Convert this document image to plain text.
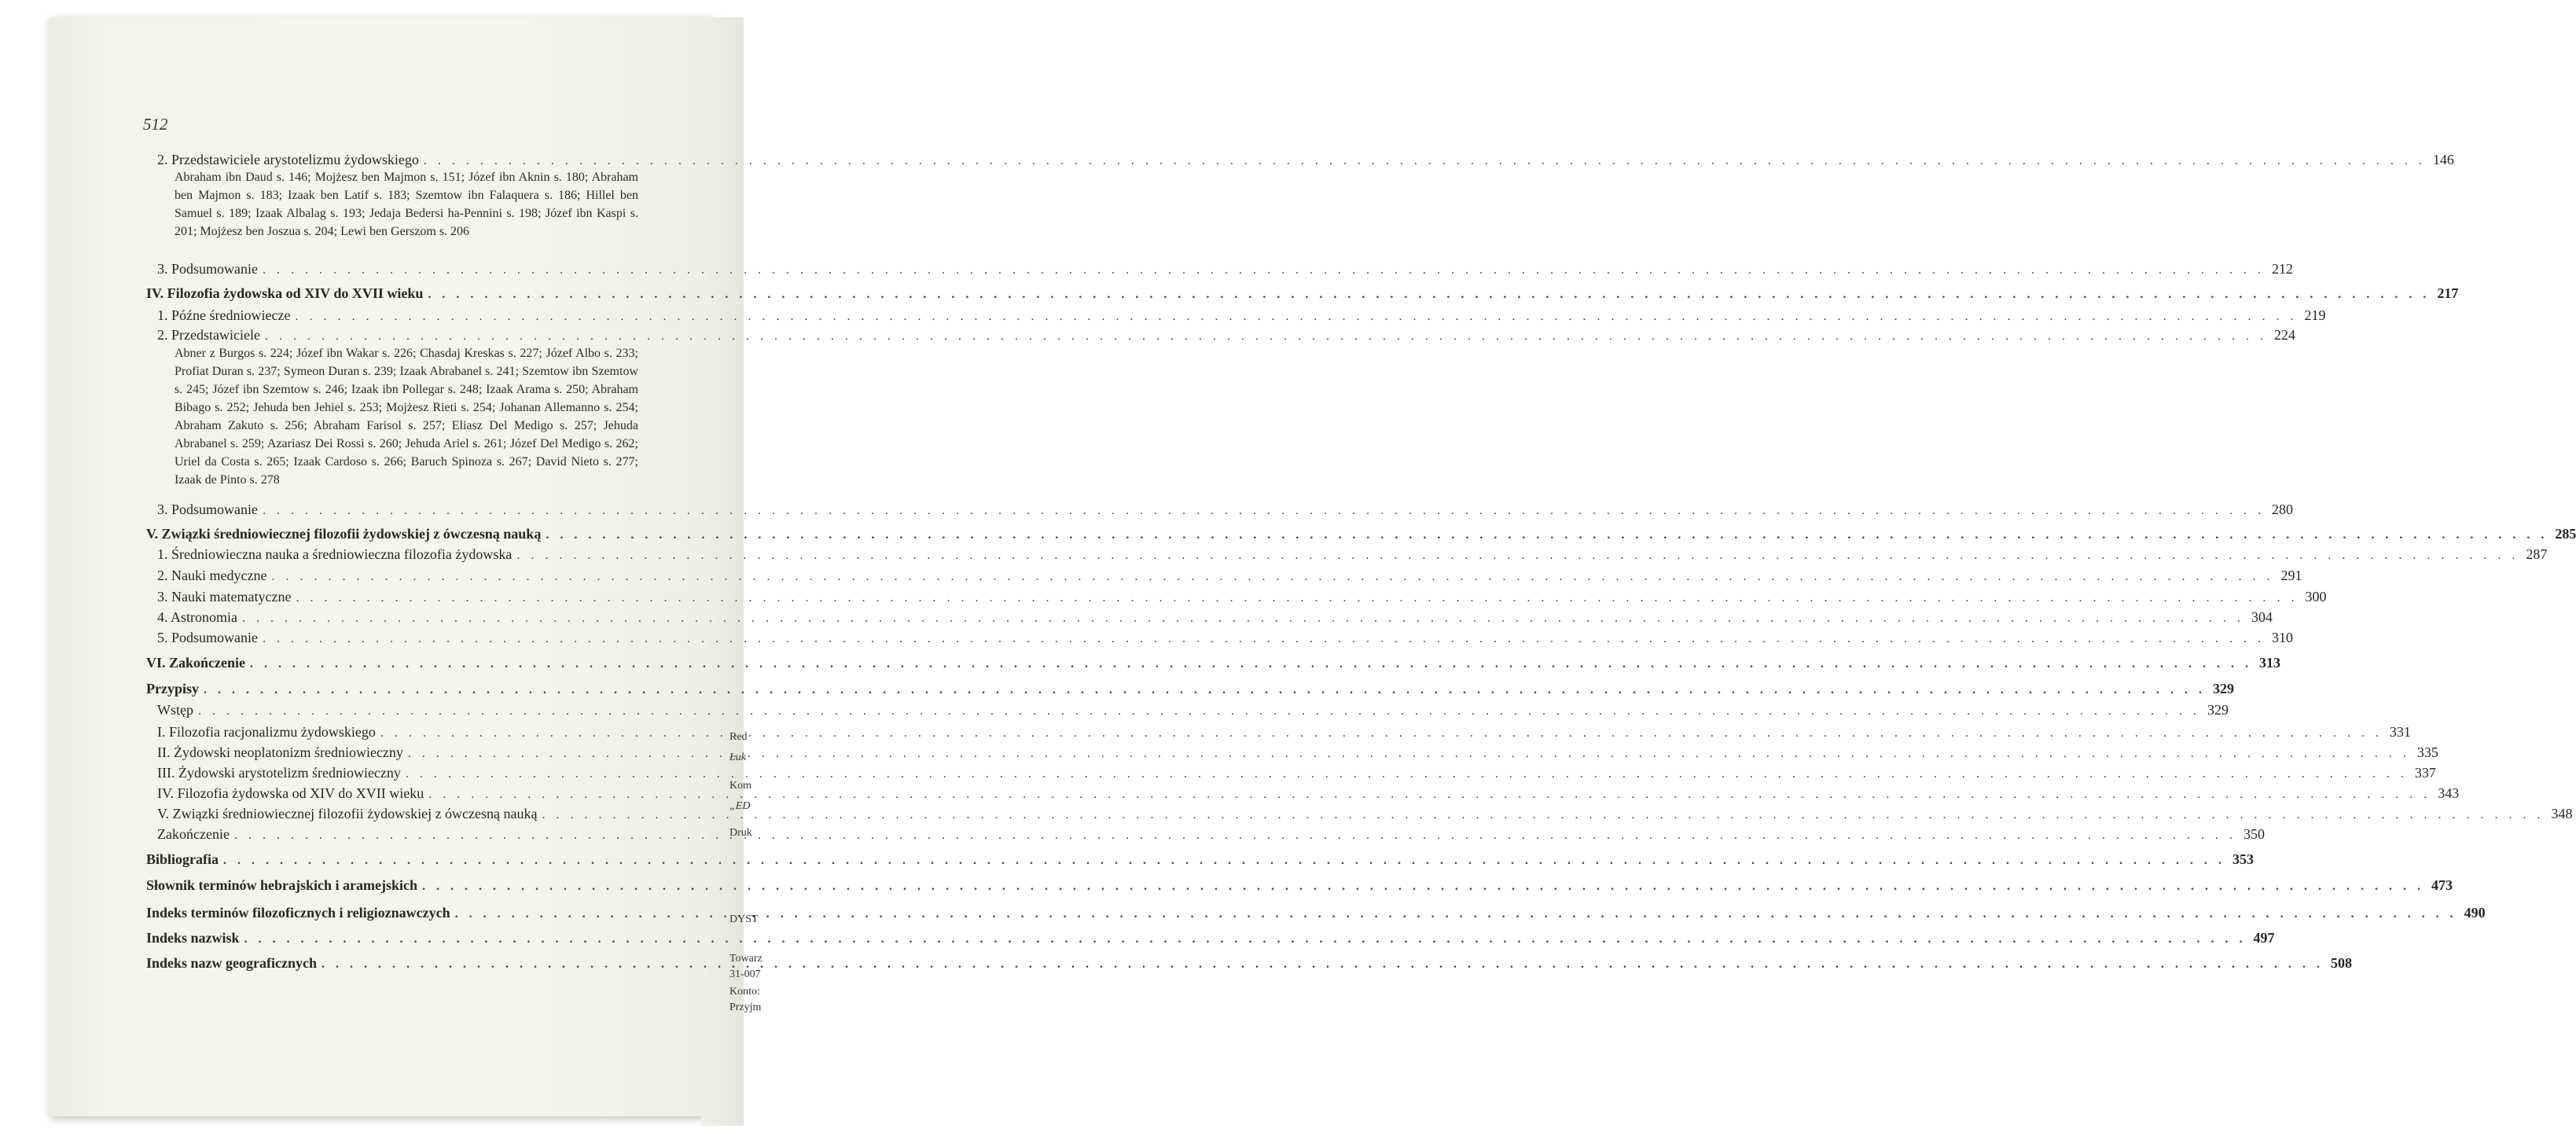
Red
Łuk
Kom
„ED
Druk
DYST
Towarz
31-007
Konto:
Przyjm
512
2. Przedstawiciele arystotelizmu żydowskiego . . .	146
Abraham ibn Daud s. 146; Mojżesz ben Majmon s. 151; Józef ibn Aknin s. 180; Abraham ben Majmon s. 183; Izaak ben Latif s. 183; Szemtow ibn Falaquera s. 186; Hillel ben Samuel s. 189; Izaak Albalag s. 193; Jedaja Bedersi ha-Pennini s. 198; Józef ibn Kaspi s. 201; Mojżesz ben Joszua s. 204; Lewi ben Gerszom s. 206
3. Podsumowanie . . .	212
IV. Filozofia żydowska od XIV do XVII wieku . . .	217
1. Późne średniowiecze . . .	219
2. Przedstawiciele . . .	224
Abner z Burgos s. 224; Józef ibn Wakar s. 226; Chasdaj Kreskas s. 227; Józef Albo s. 233; Profiat Duran s. 237; Symeon Duran s. 239; Izaak Abrabanel s. 241; Szemtow ibn Szemtow s. 245; Józef ibn Szemtow s. 246; Izaak ibn Pollegar s. 248; Izaak Arama s. 250; Abraham Bibago s. 252; Jehuda ben Jehiel s. 253; Mojżesz Rieti s. 254; Johanan Allemanno s. 254; Abraham Zakuto s. 256; Abraham Farisol s. 257; Eliasz Del Medigo s. 257; Jehuda Abrabanel s. 259; Azariasz Dei Rossi s. 260; Jehuda Ariel s. 261; Józef Del Medigo s. 262; Uriel da Costa s. 265; Izaak Cardoso s. 266; Baruch Spinoza s. 267; David Nieto s. 277; Izaak de Pinto s. 278
3. Podsumowanie . . .	280
V. Związki średniowiecznej filozofii żydowskiej z ówczesną nauką . . .	285
1. Średniowieczna nauka a średniowieczna filozofia żydowska . . .	287
2. Nauki medyczne . . .	291
3. Nauki matematyczne . . .	300
4. Astronomia . . .	304
5. Podsumowanie . . .	310
VI. Zakończenie . . .	313
Przypisy . . .	329
Wstęp . . .	329
I. Filozofia racjonalizmu żydowskiego . . .	331
II. Żydowski neoplatonizm średniowieczny . . .	335
III. Żydowski arystotelizm średniowieczny . . .	337
IV. Filozofia żydowska od XIV do XVII wieku . . .	343
V. Związki średniowiecznej filozofii żydowskiej z ówczesną nauką . . .	348
Zakończenie . . .	350
Bibliografia . . .	353
Słownik terminów hebrajskich i aramejskich . . .	473
Indeks terminów filozoficznych i religioznawczych . . .	490
Indeks nazwisk . . .	497
Indeks nazw geograficznych . . .	508
